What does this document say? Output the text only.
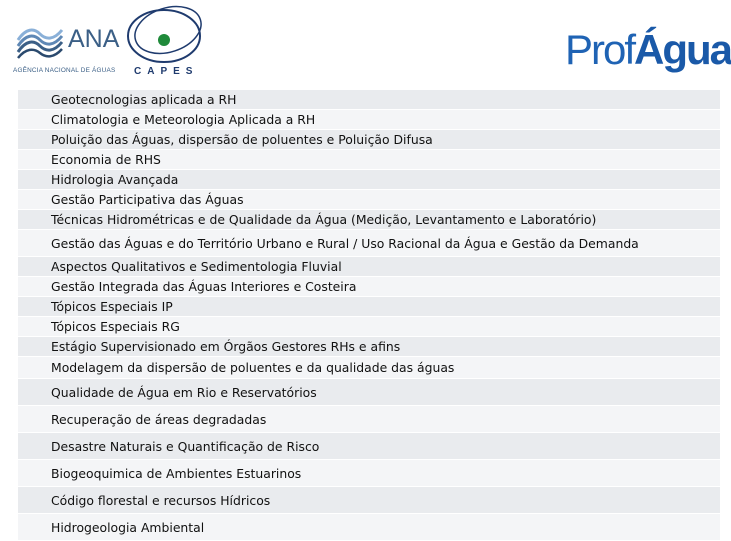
ANA
AGÊNCIA NACIONAL DE ÁGUAS CAPES	ProfÁgua
Geotecnologias aplicada a RH
Climatologia e Meteorologia Aplicada a RH
Poluição das Águas, dispersão de poluentes e Poluição Difusa
Economia de RHS
Hidrologia Avançada
Gestão Participativa das Águas
Técnicas Hidrométricas e de Qualidade da Água (Medição, Levantamento e Laboratório)
Gestão das Águas e do Território Urbano e Rural / Uso Racional da Água e Gestão da Demanda
Aspectos Qualitativos e Sedimentologia Fluvial
Gestão Integrada das Águas Interiores e Costeira
Tópicos Especiais IP
Tópicos Especiais RG
Estágio Supervisionado em Órgãos Gestores RHs e afins
Modelagem da dispersão de poluentes e da qualidade das águas
Qualidade de Água em Rio e Reservatórios
Recuperação de áreas degradadas
Desastre Naturais e Quantificação de Risco
Biogeoquimica de Ambientes Estuarinos
Código florestal e recursos Hídricos
Hidrogeologia Ambiental
